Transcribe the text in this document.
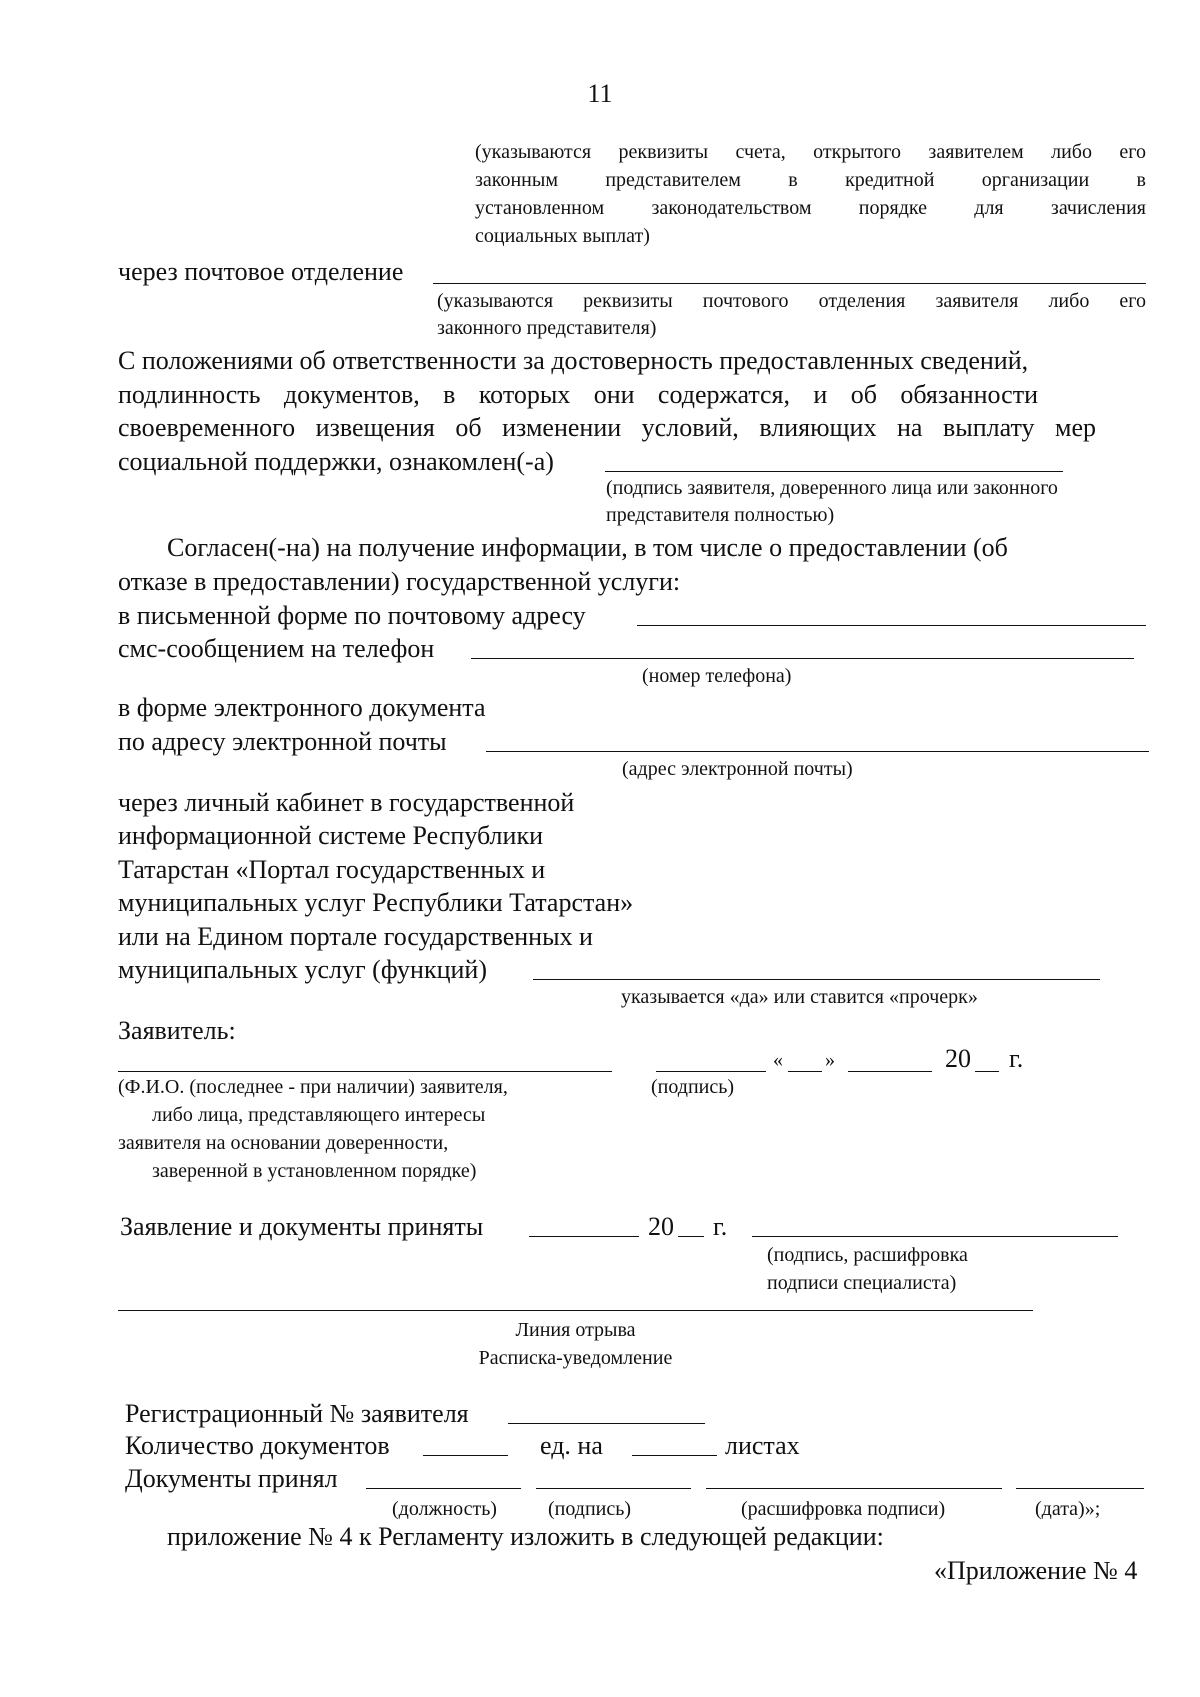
11
(указываются реквизиты счета, открытого заявителем либо его
законным представителем в кредитной организации в
установленном законодательством порядке для зачисления
социальных выплат)
через почтовое отделение
(указываются реквизиты почтового отделения заявителя либо его
законного представителя)
С положениями об ответственности за достоверность предоставленных сведений,
подлинность документов, в которых они содержатся, и об обязанности
своевременного извещения об изменении условий, влияющих на выплату мер
социальной поддержки, ознакомлен(-а)
(подпись заявителя, доверенного лица или законного
представителя полностью)
Согласен(-на) на получение информации, в том числе о предоставлении (об
отказе в предоставлении) государственной услуги:
в письменной форме по почтовому адресу
смс-сообщением на телефон
(номер телефона)
в форме электронного документа
по адресу электронной почты
(адрес электронной почты)
через личный кабинет в государственной
информационной системе Республики
Татарстан «Портал государственных и
муниципальных услуг Республики Татарстан»
или на Едином портале государственных и
муниципальных услуг (функций)
указывается «да» или ставится «прочерк»
Заявитель:
« »	20 г.
(Ф.И.О. (последнее - при наличии) заявителя,
либо лица, представляющего интересы
заявителя на основании доверенности,
заверенной в установленном порядке)
(подпись)
Заявление и документы приняты	20 г.
(подпись, расшифровка
подписи специалиста)
Линия отрыва
Расписка-уведомление
Регистрационный № заявителя
Количество документов	ед. на	листах
Документы принял
(должность)	(подпись)	(расшифровка подписи)	(дата)»;
приложение № 4 к Регламенту изложить в следующей редакции:
«Приложение № 4
